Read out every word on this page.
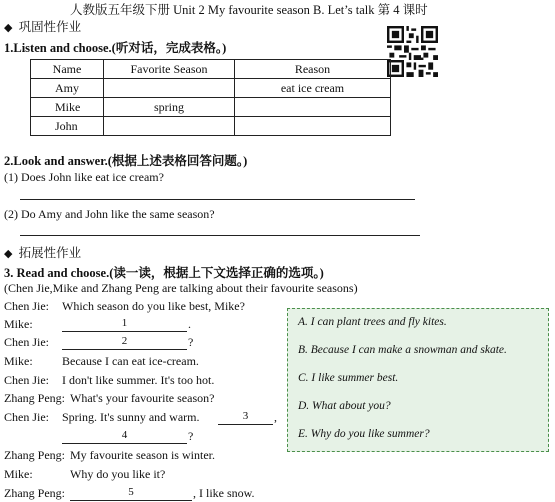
人教版五年级下册 Unit 2 My favourite season B. Let’s talk 第 4 课时
◆ 巩固性作业
1.Listen and choose.(听对话，完成表格。)
Name	Favorite Season	Reason
Amy		eat ice cream
Mike	spring	
John		
2.Look and answer.(根据上述表格回答问题。)
(1) Does John like eat ice cream?
(2) Do Amy and John like the same season?
◆ 拓展性作业
3. Read and choose.(读一读，根据上下文选择正确的选项。)
(Chen Jie,Mike and Zhang Peng are talking about their favourite seasons)
Chen Jie: Which season do you like best, Mike?
Mike:	1	.
Chen Jie:	2	?
Mike: Because I can eat ice-cream.
Chen Jie: I don't like summer. It's too hot.
Zhang Peng: What's your favourite season?
Chen Jie: Spring. It's sunny and warm.	3	,
4	?
Zhang Peng: My favourite season is winter.
Mike:	Why do you like it?
Zhang Peng:	5	, I like snow.
A. I can plant trees and fly kites.
B. Because I can make a snowman and skate.
C. I like summer best.
D. What about you?
E. Why do you like summer?
